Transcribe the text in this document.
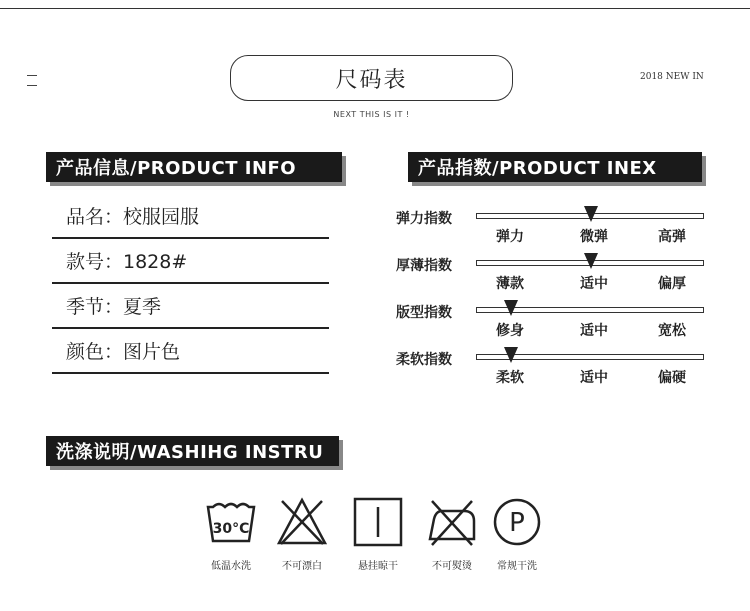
尺码表
NEXT THIS IS IT !
2018 NEW IN
产品信息/PRODUCT INFO
品名：校服园服
款号：1828#
季节：夏季
颜色：图片色
产品指数/PRODUCT INEX
弹力指数
弹力	微弹	高弹
厚薄指数
薄款	适中	偏厚
版型指数
修身	适中	宽松
柔软指数
柔软	适中	偏硬
洗涤说明/WASHIHG INSTRU
30°C	P
低温水洗	不可漂白	悬挂晾干	不可熨烫	常规干洗
